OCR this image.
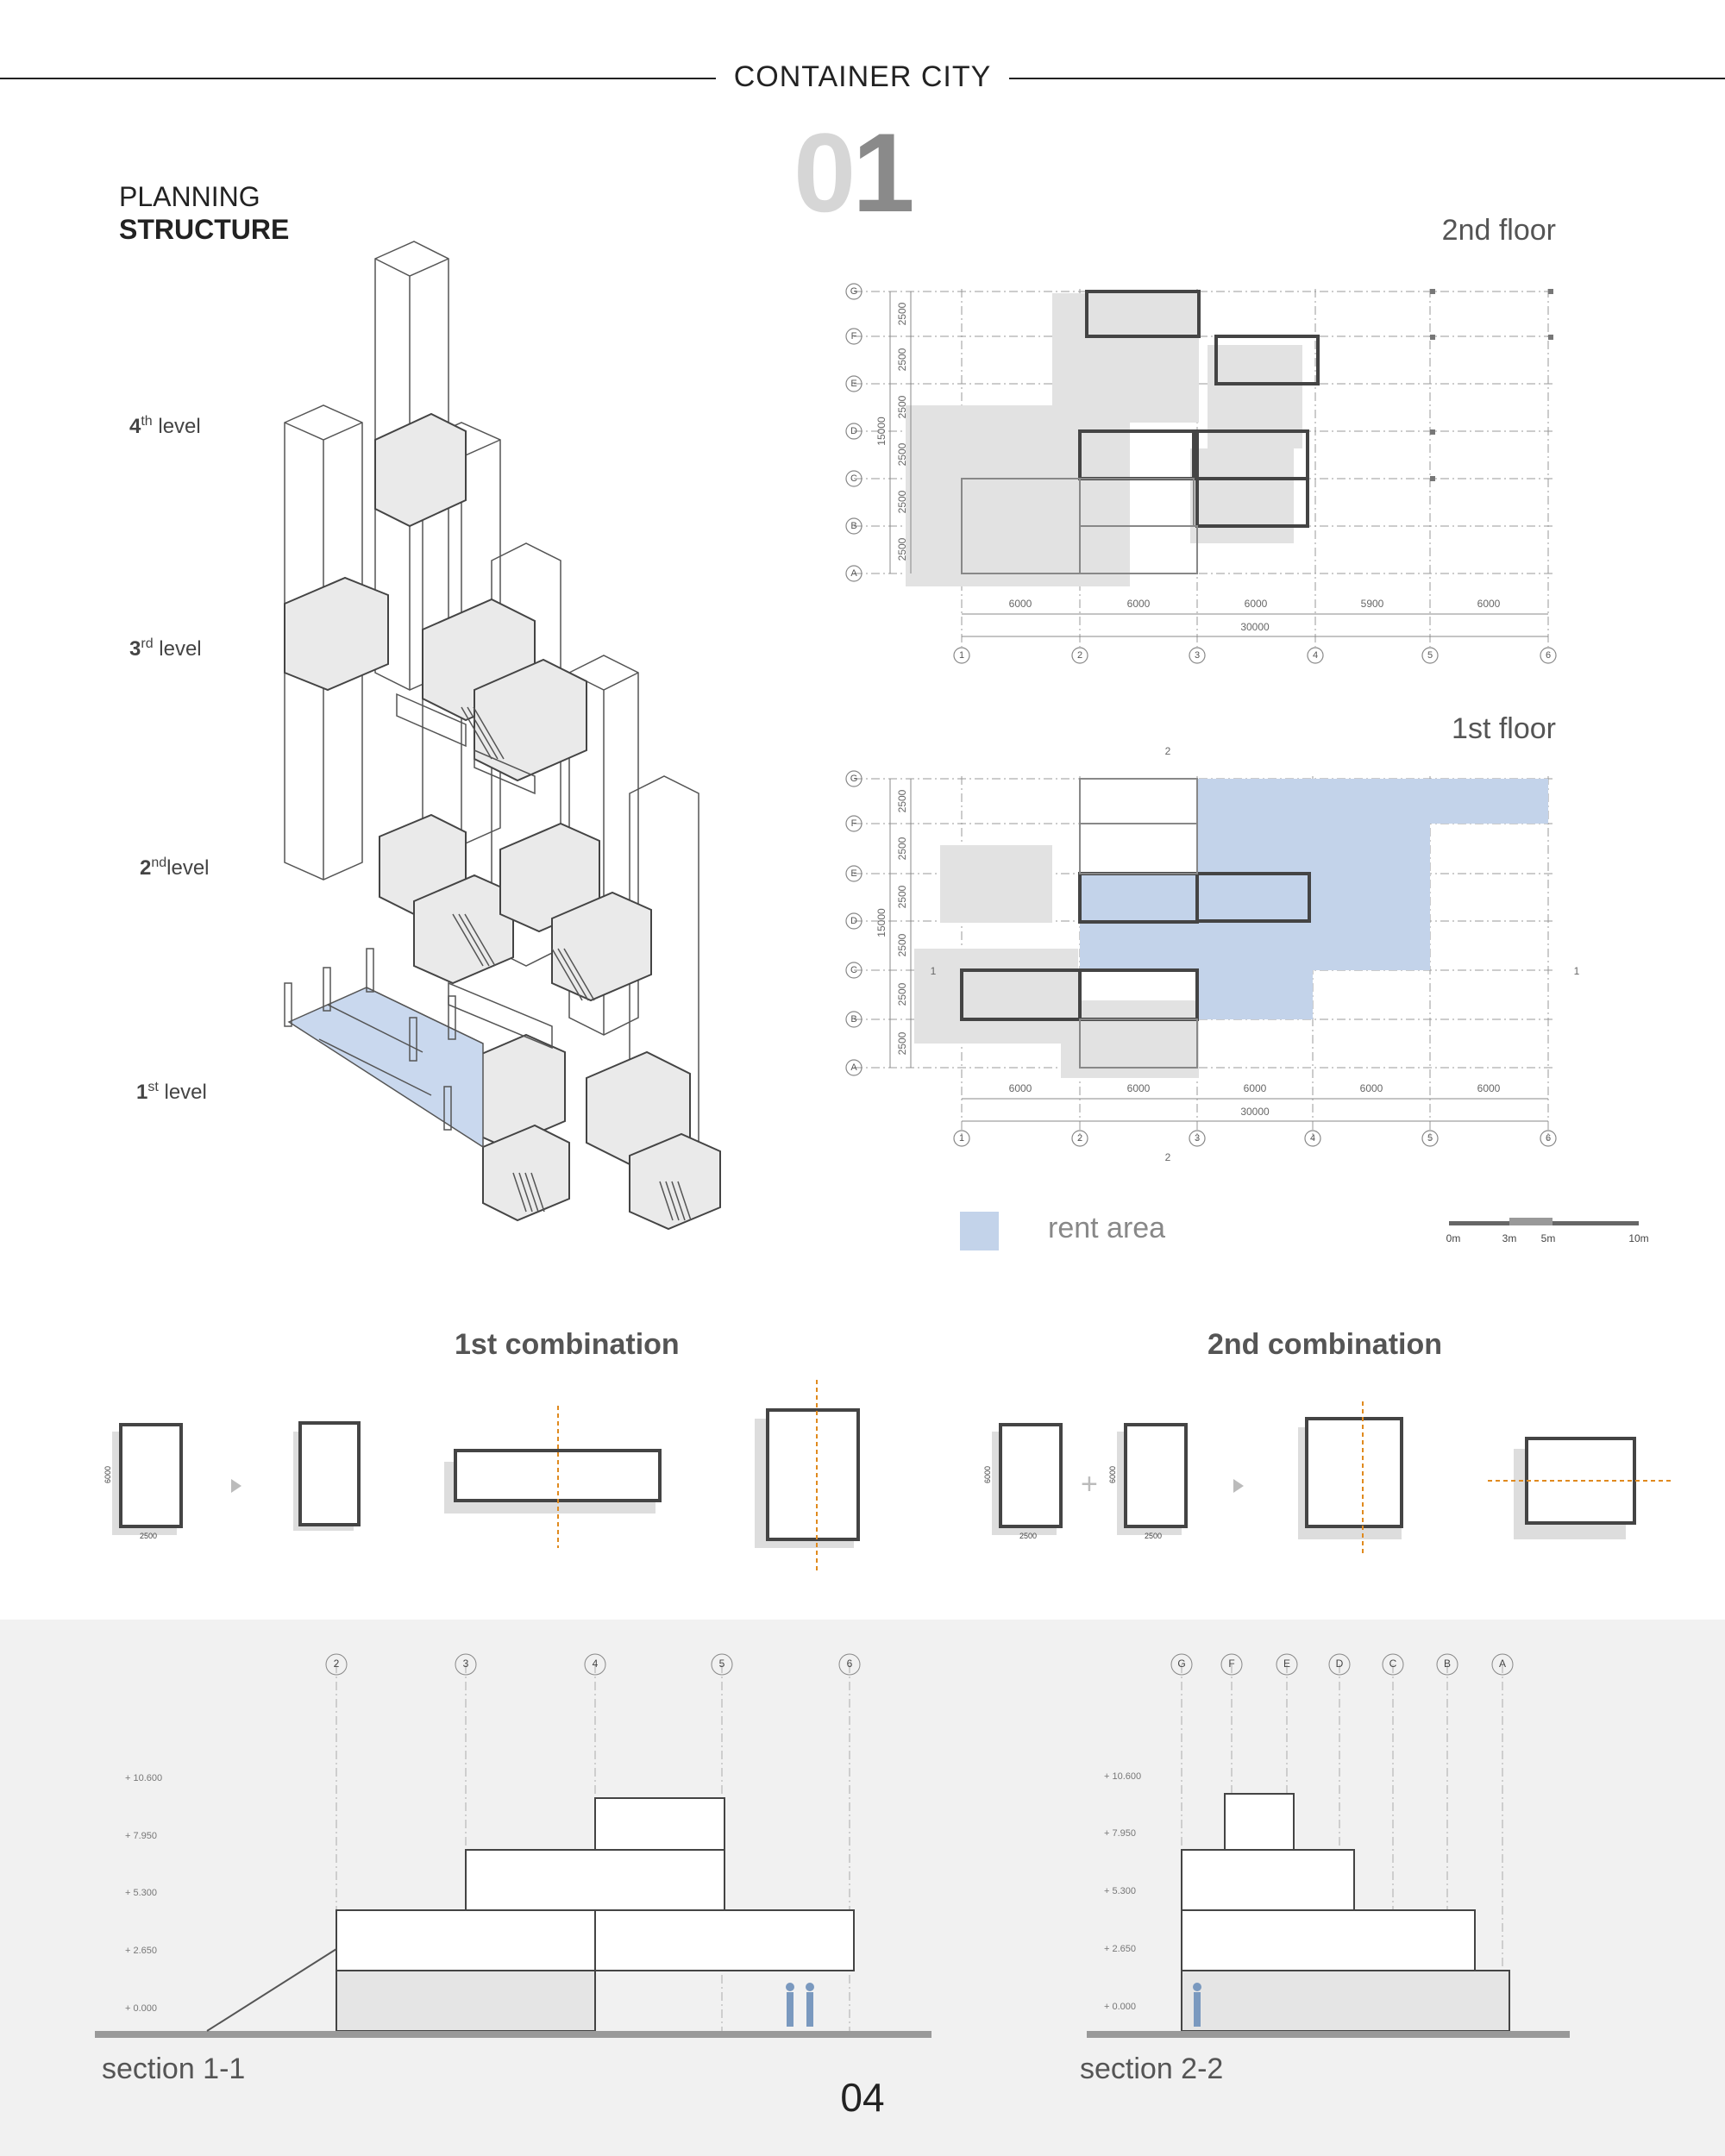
CONTAINER CITY
01
PLANNING
STRUCTURE
4th level
3rd level
2ndlevel
1st level
2nd floor
G
F
E
D
C
B
A
1	2	3	4	5	6
6000	6000	6000	5900	6000
30000
2500
2500
2500
2500
2500
2500
15000
1st floor
G
F
E
D
C
B
A
1	2	3	4	5	6
6000	6000	6000	6000	6000
30000
2500
2500
2500
2500
2500
2500
15000
2
2
1	1
rent area	0m	3m 5m	10m
1st combination	2nd combination
2500
6000
2500
6000
2500
6000
+
2	3	4	5	6
+ 10.600
+ 7.950
+ 5.300
+ 2.650
+ 0.000
section 1-1
G	F	E	D	C	B	A
+ 10.600
+ 7.950
+ 5.300
+ 2.650
+ 0.000
section 2-2
04
